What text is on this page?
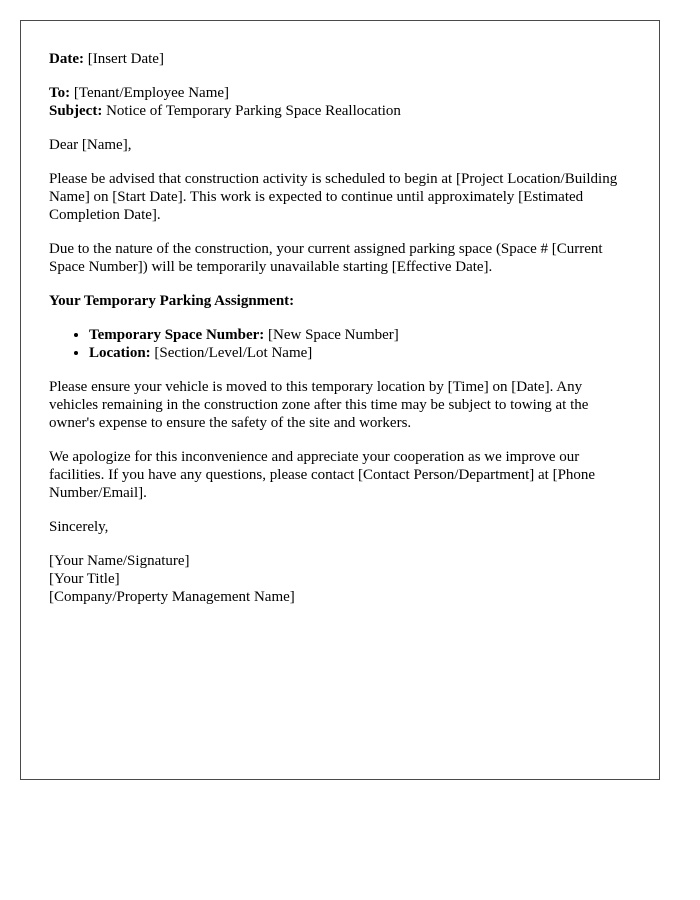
Date: [Insert Date]

To: [Tenant/Employee Name]

Subject: Notice of Temporary Parking Space Reallocation

Dear [Name],

Please be advised that construction activity is scheduled to begin at [Project Location/Building Name] on [Start Date]. This work is expected to continue until approximately [Estimated Completion Date].

Due to the nature of the construction, your current assigned parking space (Space # [Current Space Number]) will be temporarily unavailable starting [Effective Date].

Your Temporary Parking Assignment:

• Temporary Space Number: [New Space Number]
• Location: [Section/Level/Lot Name]

Please ensure your vehicle is moved to this temporary location by [Time] on [Date]. Any vehicles remaining in the construction zone after this time may be subject to towing at the owner's expense to ensure the safety of the site and workers.

We apologize for this inconvenience and appreciate your cooperation as we improve our facilities. If you have any questions, please contact [Contact Person/Department] at [Phone Number/Email].

Sincerely,

[Your Name/Signature]
[Your Title]
[Company/Property Management Name]
